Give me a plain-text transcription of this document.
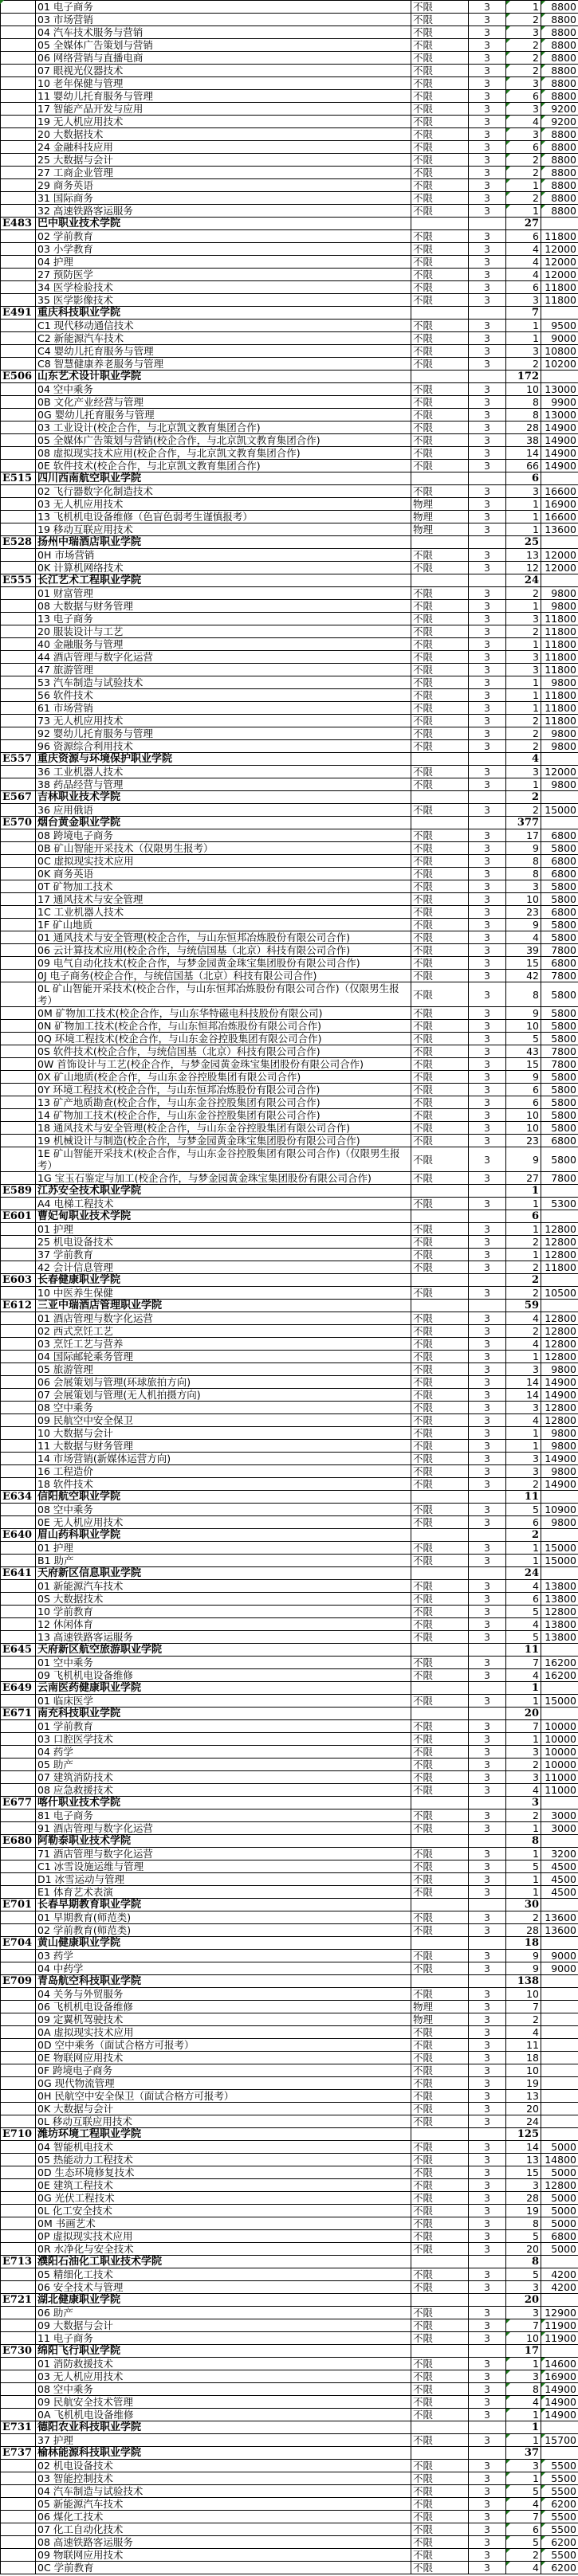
	01 电子商务	不限	3	1	8800
	03 市场营销	不限	3	2	8800
	04 汽车技术服务与营销	不限	3	3	8800
	05 全媒体广告策划与营销	不限	3	2	8800
	06 网络营销与直播电商	不限	3	2	8800
	07 眼视光仪器技术	不限	3	2	8800
	10 老年保健与管理	不限	3	3	8800
	11 婴幼儿托育服务与管理	不限	3	6	8800
	17 智能产品开发与应用	不限	3	3	9200
	19 无人机应用技术	不限	3	4	9200
	20 大数据技术	不限	3	3	8800
	24 金融科技应用	不限	3	6	8800
	25 大数据与会计	不限	3	2	8800
	27 工商企业管理	不限	3	2	8800
	29 商务英语	不限	3	1	8800
	31 国际商务	不限	3	2	8800
	32 高速铁路客运服务	不限	3	1	8800
E483	巴中职业技术学院			27	
	02 学前教育	不限	3	6	11800
	03 小学教育	不限	3	4	12000
	04 护理	不限	3	4	12000
	27 预防医学	不限	3	4	12000
	34 医学检验技术	不限	3	6	11800
	35 医学影像技术	不限	3	3	11800
E491	重庆科技职业学院			7	
	C1 现代移动通信技术	不限	3	1	9500
	C2 新能源汽车技术	不限	3	1	9000
	C4 婴幼儿托育服务与管理	不限	3	3	10800
	C8 智慧健康养老服务与管理	不限	3	2	10200
E506	山东艺术设计职业学院			172	
	04 空中乘务	不限	3	10	13000
	0B 文化产业经营与管理	不限	3	8	9900
	0G 婴幼儿托育服务与管理	不限	3	8	13000
	03 工业设计(校企合作，与北京凯文教育集团合作)	不限	3	28	14900
	05 全媒体广告策划与营销(校企合作，与北京凯文教育集团合作)	不限	3	38	14900
	08 虚拟现实技术应用(校企合作，与北京凯文教育集团合作)	不限	3	14	14900
	0E 软件技术(校企合作，与北京凯文教育集团合作)	不限	3	66	14900
E515	四川西南航空职业学院			6	
	02 飞行器数字化制造技术	不限	3	3	16600
	03 无人机应用技术	物理	3	1	16900
	13 飞机机电设备维修（色盲色弱考生谨慎报考）	物理	3	1	16600
	19 移动互联应用技术	物理	3	1	13600
E528	扬州中瑞酒店职业学院			25	
	0H 市场营销	不限	3	13	12000
	0K 计算机网络技术	不限	3	12	12000
E555	长江艺术工程职业学院			24	
	01 财富管理	不限	3	2	9800
	08 大数据与财务管理	不限	3	1	9800
	13 电子商务	不限	3	3	11800
	20 服装设计与工艺	不限	3	2	11800
	40 金融服务与管理	不限	3	1	11800
	44 酒店管理与数字化运营	不限	3	3	11800
	47 旅游管理	不限	3	3	11800
	53 汽车制造与试验技术	不限	3	1	9800
	56 软件技术	不限	3	1	11800
	61 市场营销	不限	3	1	11800
	73 无人机应用技术	不限	3	2	11800
	92 婴幼儿托育服务与管理	不限	3	2	9800
	96 资源综合利用技术	不限	3	2	9800
E557	重庆资源与环境保护职业学院			4	
	36 工业机器人技术	不限	3	3	12000
	38 药品经营与管理	不限	3	1	9800
E567	吉林职业技术学院			2	
	36 应用俄语	不限	3	2	15000
E570	烟台黄金职业学院			377	
	08 跨境电子商务	不限	3	17	6800
	0B 矿山智能开采技术（仅限男生报考）	不限	3	9	5800
	0C 虚拟现实技术应用	不限	3	8	6800
	0K 商务英语	不限	3	8	6800
	0T 矿物加工技术	不限	3	3	5800
	17 通风技术与安全管理	不限	3	10	5800
	1C 工业机器人技术	不限	3	23	6800
	1F 矿山地质	不限	3	9	5800
	01 通风技术与安全管理(校企合作，与山东恒邦冶炼股份有限公司合作)	不限	3	4	5800
	06 云计算技术应用(校企合作，与统信国基（北京）科技有限公司合作)	不限	3	39	7800
	09 电气自动化技术(校企合作，与梦金园黄金珠宝集团股份有限公司合作)	不限	3	15	6800
	0J 电子商务(校企合作，与统信国基（北京）科技有限公司合作)	不限	3	42	7800
	0L 矿山智能开采技术(校企合作，与山东恒邦冶炼股份有限公司合作)（仅限男生报考）	不限	3	8	5800
	0M 矿物加工技术(校企合作，与山东华特磁电科技股份有限公司)	不限	3	9	5800
	0N 矿物加工技术(校企合作，与山东恒邦冶炼股份有限公司合作)	不限	3	10	5800
	0Q 环境工程技术(校企合作，与山东金谷控股集团有限公司合作)	不限	3	5	5800
	0S 软件技术(校企合作，与统信国基（北京）科技有限公司合作)	不限	3	43	7800
	0W 首饰设计与工艺(校企合作，与梦金园黄金珠宝集团股份有限公司合作)	不限	3	15	7800
	0X 矿山地质(校企合作，与山东金谷控股集团有限公司合作)	不限	3	9	5800
	0Y 环境工程技术(校企合作，与山东恒邦冶炼股份有限公司合作)	不限	3	6	5800
	13 矿产地质勘查(校企合作，与山东金谷控股集团有限公司合作)	不限	3	6	5800
	14 矿物加工技术(校企合作，与山东金谷控股集团有限公司合作)	不限	3	10	5800
	18 通风技术与安全管理(校企合作，与山东金谷控股集团有限公司合作)	不限	3	10	5800
	19 机械设计与制造(校企合作，与梦金园黄金珠宝集团股份有限公司合作)	不限	3	23	6800
	1E 矿山智能开采技术(校企合作，与山东金谷控股集团有限公司合作)（仅限男生报考）	不限	3	9	5800
	1G 宝玉石鉴定与加工(校企合作，与梦金园黄金珠宝集团股份有限公司合作)	不限	3	27	7800
E589	江苏安全技术职业学院			1	
	A4 电梯工程技术	不限	3	1	5300
E601	曹妃甸职业技术学院			6	
	01 护理	不限	3	1	12800
	25 机电设备技术	不限	3	2	12800
	37 学前教育	不限	3	1	12800
	42 会计信息管理	不限	3	2	11800
E603	长春健康职业学院			2	
	10 中医养生保健	不限	3	2	10500
E612	三亚中瑞酒店管理职业学院			59	
	01 酒店管理与数字化运营	不限	3	4	12800
	02 西式烹饪工艺	不限	3	2	12800
	03 烹饪工艺与营养	不限	3	4	12800
	04 国际邮轮乘务管理	不限	3	1	12800
	05 旅游管理	不限	3	3	9800
	06 会展策划与管理(环球旅拍方向)	不限	3	14	14900
	07 会展策划与管理(无人机拍摄方向)	不限	3	14	14900
	08 空中乘务	不限	3	3	12800
	09 民航空中安全保卫	不限	3	4	12800
	10 大数据与会计	不限	3	1	9800
	11 大数据与财务管理	不限	3	1	9800
	14 市场营销(新媒体运营方向)	不限	3	3	14900
	16 工程造价	不限	3	3	9800
	18 软件技术	不限	3	2	14900
E634	信阳航空职业学院			11	
	08 空中乘务	不限	3	5	10900
	0E 无人机应用技术	不限	3	6	9800
E640	眉山药科职业学院			2	
	01 护理	不限	3	1	15000
	B1 助产	不限	3	1	15000
E641	天府新区信息职业学院			24	
	01 新能源汽车技术	不限	3	4	13800
	0S 大数据技术	不限	3	6	13800
	10 学前教育	不限	3	5	12800
	12 休闲体育	不限	3	4	13800
	13 高速铁路客运服务	不限	3	5	13800
E645	天府新区航空旅游职业学院			11	
	01 空中乘务	不限	3	7	16200
	09 飞机机电设备维修	不限	3	4	16200
E649	云南医药健康职业学院			1	
	01 临床医学	不限	3	1	15000
E671	南充科技职业学院			20	
	01 学前教育	不限	3	7	10000
	03 口腔医学技术	不限	3	1	10000
	04 药学	不限	3	3	10000
	05 助产	不限	3	2	10000
	07 建筑消防技术	不限	3	3	11000
	08 应急救援技术	不限	3	4	11000
E677	喀什职业技术学院			3	
	81 电子商务	不限	3	2	3000
	91 酒店管理与数字化运营	不限	3	1	3000
E680	阿勒泰职业技术学院			8	
	71 酒店管理与数字化运营	不限	3	1	3200
	C1 冰雪设施运维与管理	不限	3	5	4500
	D1 冰雪运动与管理	不限	3	1	4500
	E1 体育艺术表演	不限	3	1	4500
E701	长春早期教育职业学院			30	
	01 早期教育(师范类)	不限	3	2	13600
	02 学前教育(师范类)	不限	3	28	13600
E704	黄山健康职业学院			18	
	03 药学	不限	3	9	9000
	04 中药学	不限	3	9	9000
E709	青岛航空科技职业学院			138	
	04 关务与外贸服务	不限	3	10	
	06 飞机机电设备维修	物理	3	7	
	09 定翼机驾驶技术	物理	3	2	
	0A 虚拟现实技术应用	不限	3	4	
	0D 空中乘务（面试合格方可报考）	不限	3	11	
	0E 物联网应用技术	不限	3	18	
	0F 跨境电子商务	不限	3	10	
	0G 现代物流管理	不限	3	19	
	0H 民航空中安全保卫（面试合格方可报考）	不限	3	13	
	0K 大数据与会计	不限	3	20	
	0L 移动互联应用技术	不限	3	24	
E710	潍坊环境工程职业学院			125	
	04 智能机电技术	不限	3	14	5000
	05 热能动力工程技术	不限	3	13	14800
	0D 生态环境修复技术	不限	3	15	5000
	0E 建筑工程技术	不限	3	3	12800
	0G 光伏工程技术	不限	3	28	5000
	0L 化工安全技术	不限	3	19	5000
	0M 书画艺术	不限	3	8	5000
	0P 虚拟现实技术应用	不限	3	5	6800
	0R 水净化与安全技术	不限	3	20	5000
E713	濮阳石油化工职业技术学院			8	
	05 精细化工技术	不限	3	5	4200
	06 安全技术与管理	不限	3	3	4200
E721	湖北健康职业学院			20	
	06 助产	不限	3	3	12900
	09 大数据与会计	不限	3	7	11900
	11 电子商务	不限	3	10	11900
E730	绵阳飞行职业学院			17	
	01 消防救援技术	不限	3	1	14600
	03 无人机应用技术	不限	3	3	16900
	08 空中乘务	不限	3	8	14900
	09 民航安全技术管理	不限	3	4	14900
	0A 飞机机电设备维修	不限	3	1	14900
E731	德阳农业科技职业学院			1	
	37 护理	不限	3	1	15700
E737	榆林能源科技职业学院			37	
	02 机电设备技术	不限	3	3	5500
	03 智能控制技术	不限	3	1	5500
	04 汽车制造与试验技术	不限	3	5	5500
	05 新能源汽车技术	不限	3	4	6200
	06 煤化工技术	不限	3	7	5500
	07 化工自动化技术	不限	3	6	5500
	08 高速铁路客运服务	不限	3	5	6200
	09 物联网应用技术	不限	3	2	5500
	0C 学前教育	不限	3	4	6200
